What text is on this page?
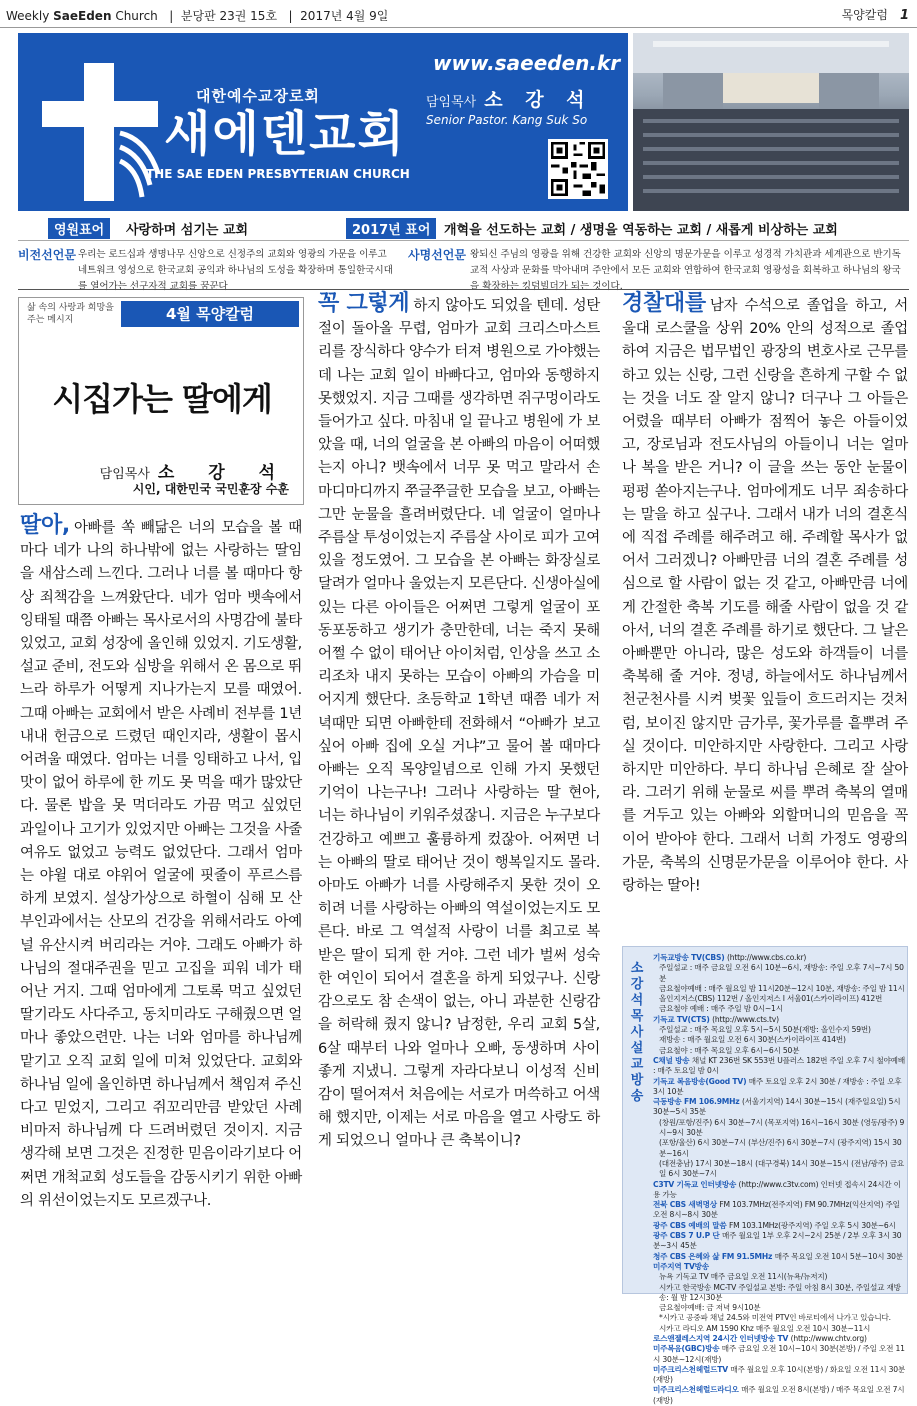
Weekly SaeEden Church   |  분당판 23권 15호   |  2017년 4월 9일	목양칼럼 1
대한예수교장로회
새에덴교회
THE SAE EDEN PRESBYTERIAN CHURCH
www.saeeden.kr
담임목사 소 강 석
Senior Pastor. Kang Suk So
영원표어	사랑하며 섬기는 교회	2017년 표어	개혁을 선도하는 교회 / 생명을 역동하는 교회 / 새롭게 비상하는 교회
비전선언문 우리는 로드십과 생명나무 신앙으로 신정주의 교회와 영광의 가문을 이루고 네트워크 영성으로 한국교회 공익과 하나님의 도성을 확장하며 통일한국시대를 열어가는 선구자적 교회를 꿈꾼다
사명선언문 왕되신 주님의 영광을 위해 건강한 교회와 신앙의 명문가문을 이루고 성경적 가치관과 세계관으로 반기독교적 사상과 문화를 막아내며 주안에서 모든 교회와 연합하여 한국교회 영광성을 회복하고 하나님의 왕국을 확장하는 킹덤빌더가 되는 것이다.
삶 속의 사랑과 희망을 주는 메시지	4월 목양칼럼
시집가는 딸에게
담임목사 소 강 석
시인, 대한민국 국민훈장 수훈
딸아, 아빠를 쏙 빼닮은 너의 모습을 볼 때마다 네가 나의 하나밖에 없는 사랑하는 딸임을 새삼스레 느낀다. 그러나 너를 볼 때마다 항상 죄책감을 느껴왔단다. 네가 엄마 뱃속에서 잉태될 때쯤 아빠는 목사로서의 사명감에 불타 있었고, 교회 성장에 올인해 있었지. 기도생활, 설교 준비, 전도와 심방을 위해서 온 몸으로 뛰느라 하루가 어떻게 지나가는지 모를 때였어. 그때 아빠는 교회에서 받은 사례비 전부를 1년 내내 헌금으로 드렸던 때인지라, 생활이 몹시 어려울 때였다. 엄마는 너를 잉태하고 나서, 입맛이 없어 하루에 한 끼도 못 먹을 때가 많았단다. 물론 밥을 못 먹더라도 가끔 먹고 싶었던 과일이나 고기가 있었지만 아빠는 그것을 사줄 여유도 없었고 능력도 없었단다. 그래서 엄마는 야윌 대로 야위어 얼굴에 핏줄이 푸르스름하게 보였지. 설상가상으로 하혈이 심해 모 산부인과에서는 산모의 건강을 위해서라도 아예 널 유산시켜 버리라는 거야. 그래도 아빠가 하나님의 절대주권을 믿고 고집을 피워 네가 태어난 거지. 그때 엄마에게 그토록 먹고 싶었던 딸기라도 사다주고, 동치미라도 구해줬으면 얼마나 좋았으련만. 나는 너와 엄마를 하나님께 맡기고 오직 교회 일에 미쳐 있었단다. 교회와 하나님 일에 올인하면 하나님께서 책임져 주신다고 믿었지, 그리고 쥐꼬리만큼 받았던 사례비마저 하나님께 다 드려버렸던 것이지. 지금 생각해 보면 그것은 진정한 믿음이라기보다 어쩌면 개척교회 성도들을 감동시키기 위한 아빠의 위선이었는지도 모르겠구나.
꼭 그렇게 하지 않아도 되었을 텐데. 성탄절이 돌아올 무렵, 엄마가 교회 크리스마스트리를 장식하다 양수가 터져 병원으로 가야했는데 나는 교회 일이 바빠다고, 엄마와 동행하지 못했었지. 지금 그때를 생각하면 쥐구멍이라도 들어가고 싶다. 마침내 일 끝나고 병원에 가 보았을 때, 너의 얼굴을 본 아빠의 마음이 어떠했는지 아니? 뱃속에서 너무 못 먹고 말라서 손마디마디까지 쭈글쭈글한 모습을 보고, 아빠는 그만 눈물을 흘려버렸단다. 네 얼굴이 얼마나 주름살 투성이었는지 주름살 사이로 피가 고여 있을 정도였어. 그 모습을 본 아빠는 화장실로 달려가 얼마나 울었는지 모른단다. 신생아실에 있는 다른 아이들은 어쩌면 그렇게 얼굴이 포동포동하고 생기가 충만한데, 너는 죽지 못해 어쩔 수 없이 태어난 아이처럼, 인상을 쓰고 소리조차 내지 못하는 모습이 아빠의 가슴을 미어지게 했단다. 초등학교 1학년 때쯤 네가 저녁때만 되면 아빠한테 전화해서 “아빠가 보고 싶어 아빠 집에 오실 거냐”고 물어 볼 때마다 아빠는 오직 목양일념으로 인해 가지 못했던 기억이 나는구나! 그러나 사랑하는 딸 현아, 너는 하나님이 키워주셨잖니. 지금은 누구보다 건강하고 예쁘고 훌륭하게 컸잖아. 어쩌면 너는 아빠의 딸로 태어난 것이 행복일지도 몰라. 아마도 아빠가 너를 사랑해주지 못한 것이 오히려 너를 사랑하는 아빠의 역설이었는지도 모른다. 바로 그 역설적 사랑이 너를 최고로 복 받은 딸이 되게 한 거야. 그런 네가 벌써 성숙한 여인이 되어서 결혼을 하게 되었구나. 신랑감으로도 참 손색이 없는, 아니 과분한 신랑감을 허락해 줬지 않니? 남정한, 우리 교회 5살, 6살 때부터 나와 얼마나 오빠, 동생하며 사이좋게 지냈니. 그렇게 자라다보니 이성적 신비감이 떨어져서 처음에는 서로가 머쓱하고 어색해 했지만, 이제는 서로 마음을 열고 사랑도 하게 되었으니 얼마나 큰 축복이니?
경찰대를 남자 수석으로 졸업을 하고, 서울대 로스쿨을 상위 20% 안의 성적으로 졸업하여 지금은 법무법인 광장의 변호사로 근무를 하고 있는 신랑, 그런 신랑을 흔하게 구할 수 없는 것을 너도 잘 알지 않니? 더구나 그 아들은 어렸을 때부터 아빠가 점찍어 놓은 아들이었고, 장로님과 전도사님의 아들이니 너는 얼마나 복을 받은 거니? 이 글을 쓰는 동안 눈물이 펑펑 쏟아지는구나. 엄마에게도 너무 죄송하다는 말을 하고 싶구나. 그래서 내가 너의 결혼식에 직접 주례를 해주려고 해. 주례할 목사가 없어서 그러겠니? 아빠만큼 너의 결혼 주례를 성심으로 할 사람이 없는 것 같고, 아빠만큼 너에게 간절한 축복 기도를 해줄 사람이 없을 것 같아서, 너의 결혼 주례를 하기로 했단다. 그 날은 아빠뿐만 아니라, 많은 성도와 하객들이 너를 축복해 줄 거야. 정녕, 하늘에서도 하나님께서 천군천사를 시켜 벚꽃 잎들이 흐드러지는 것처럼, 보이진 않지만 금가루, 꽃가루를 흩뿌려 주실 것이다. 미안하지만 사랑한다. 그리고 사랑하지만 미안하다. 부디 하나님 은혜로 잘 살아라. 그러기 위해 눈물로 씨를 뿌려 축복의 열매를 거두고 있는 아빠와 외할머니의 믿음을 꼭 이어 받아야 한다. 그래서 너희 가정도 영광의 가문, 축복의 신명문가문을 이루어야 한다. 사랑하는 딸아!
소강석목사 설교방송
기독교방송 TV(CBS) (http://www.cbs.co.kr)
주일설교 : 매주 금요일 오전 6시 10분~6시, 재방송: 주일 오후 7시~7시 50분
금요철야예배 : 매주 월요일 밤 11시20분~12시 10분, 재방송: 주일 밤 11시
올인지저스(CBS) 112번 / 올인지저스 I 서울01(스카이라이프) 412번
금요철야 예배 : 매주 주일 밤 0시~1시
기독교 TV(CTS) (http://www.cts.tv)
주일설교 : 매주 목요일 오후 5시~5시 50분(재방: 올인수지 59번)
재방송 : 매주 월요일 오전 6시 30분(스카이라이프 414번)
금요철야 : 매주 목요일 오후 6시~6시 50분
C채널 방송 채널 KT 236번 SK 553번 U플러스 182번 주일 오후 7시 철야예배 : 매주 토요일 밤 0시
기독교 복음방송(Good TV) 매주 토요일 오후 2시 30분 / 재방송 : 주일 오후 3시 10분
극동방송 FM 106.9MHz (서울기지역) 14시 30분~15시 (재주일요일) 5시 30분~5시 35분
(창원/포항/진주) 6시 30분~7시 (목포지역) 16시~16시 30분 (영동/광주) 9시~9시 30분
(포항/울산) 6시 30분~7시 (부산/진주) 6시 30분~7시 (광주지역) 15시 30분~16시
(대전충남) 17시 30분~18시 (대구경북) 14시 30분~15시 (전남/광주) 금요일 6시 30분~7시
C3TV 기독교 인터넷방송 (http://www.c3tv.com) 인터넷 접속시 24시간 이용 가능
전북 CBS 새벽명상 FM 103.7MHz(전주지역) FM 90.7MHz(익산지역) 주일 오전 8시~8시 30분
광주 CBS 예배의 말씀 FM 103.1MHz(광주지역) 주일 오후 5시 30분~6시
광주 CBS 7 U.P 단 매주 월요일 1부 오후 2시~2시 25분 / 2부 오후 3시 30분~3시 45분
청주 CBS 은혜와 삶 FM 91.5MHz 매주 목요일 오전 10시 5분~10시 30분
미주지역 TV방송
뉴욕 기독교 TV 매주 금요일 오전 11시(뉴욕/뉴저지)
시카고 한국방송 MC-TV 주일설교 본방: 주일 아침 8시 30분, 주일설교 재방송: 월 밤 12시30분
금요철야예배: 금 저녁 9시10분
*시카고 공중파 채널 24.5와 미전역 PTV인 바로티에서 나가고 있습니다.
시카고 라디오 AM 1590 Khz 매주 월요일 오전 10시 30분~11시
로스앤젤레스지역 24시간 인터넷방송 TV (http://www.chtv.org)
미주복음(GBC)방송 매주 금요일 오전 10시~10시 30분(본방) / 주일 오전 11시 30분~12시(재방)
미주크리스천헤럴드TV 매주 월요일 오후 10시(본방) / 화요일 오전 11시 30분(재방)
미주크리스천헤럴드라디오 매주 월요일 오전 8시(본방) / 매주 목요일 오전 7시(재방)
